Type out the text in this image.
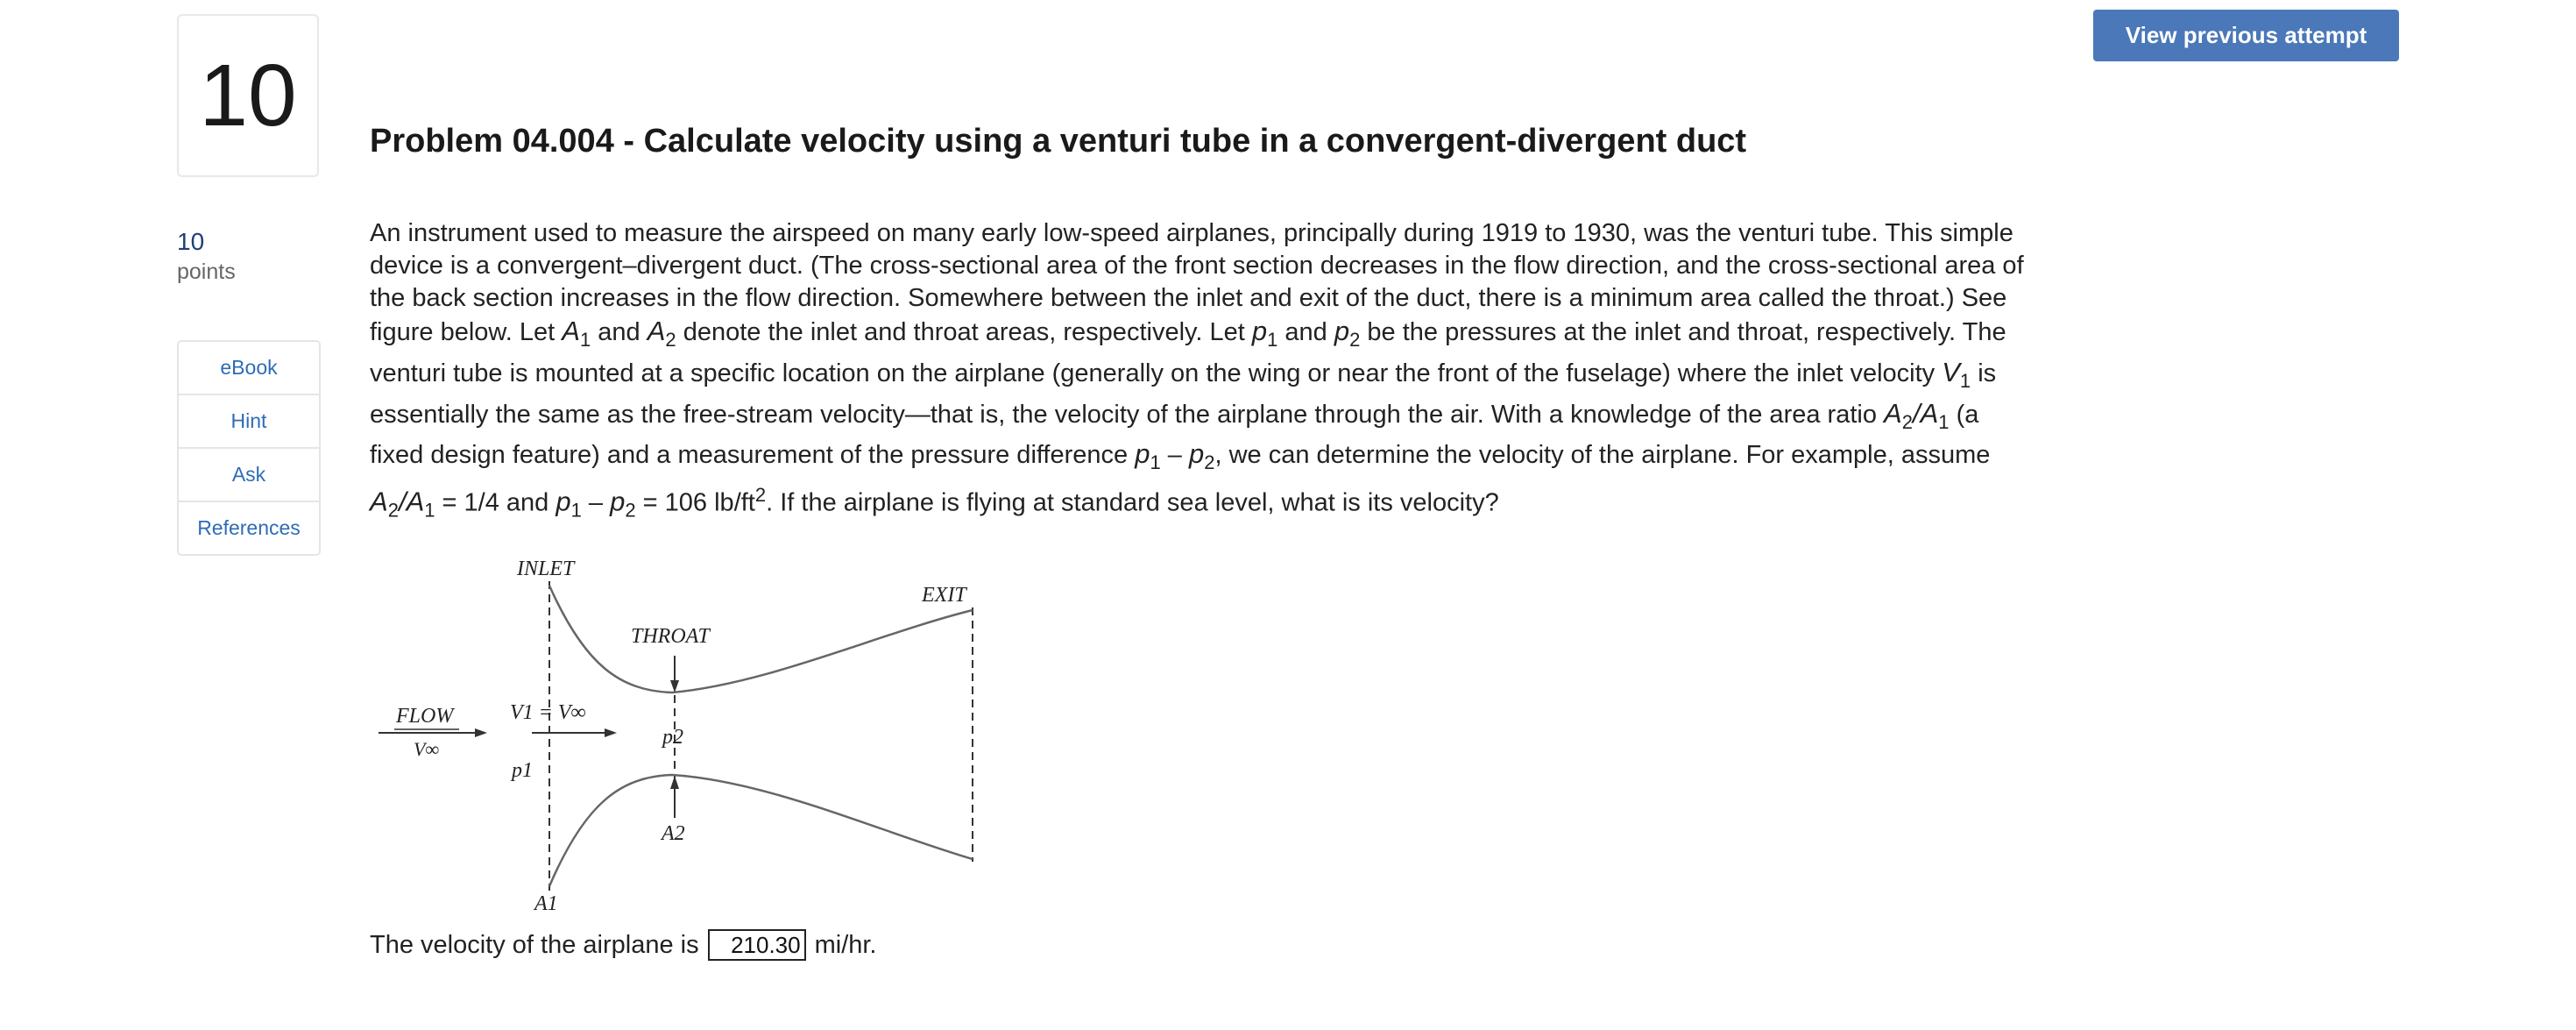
10
10
points
eBook
Hint
Ask
References
View previous attempt
Problem 04.004 - Calculate velocity using a venturi tube in a convergent-divergent duct
An instrument used to measure the airspeed on many early low-speed airplanes, principally during 1919 to 1930, was the venturi tube. This simple device is a convergent–divergent duct. (The cross-sectional area of the front section decreases in the flow direction, and the cross-sectional area of the back section increases in the flow direction. Somewhere between the inlet and exit of the duct, there is a minimum area called the throat.) See figure below. Let $A_1$ and $A_2$ denote the inlet and throat areas, respectively. Let $p_1$ and $p_2$ be the pressures at the inlet and throat, respectively. The venturi tube is mounted at a specific location on the airplane (generally on the wing or near the front of the fuselage) where the inlet velocity $V_1$ is essentially the same as the free-stream velocity—that is, the velocity of the airplane through the air. With a knowledge of the area ratio $A_2/A_1$ (a fixed design feature) and a measurement of the pressure difference $p_1 - p_2$, we can determine the velocity of the airplane. For example, assume $A_2/A_1 = 1/4$ and $p_1 - p_2 = 106$ $lb/ft^2$. If the airplane is flying at standard sea level, what is its velocity?
INLET
EXIT
THROAT
FLOW
V∞
V1 = V∞
p2
p1
A2
A1
The velocity of the airplane is
210.30	mi/hr.
